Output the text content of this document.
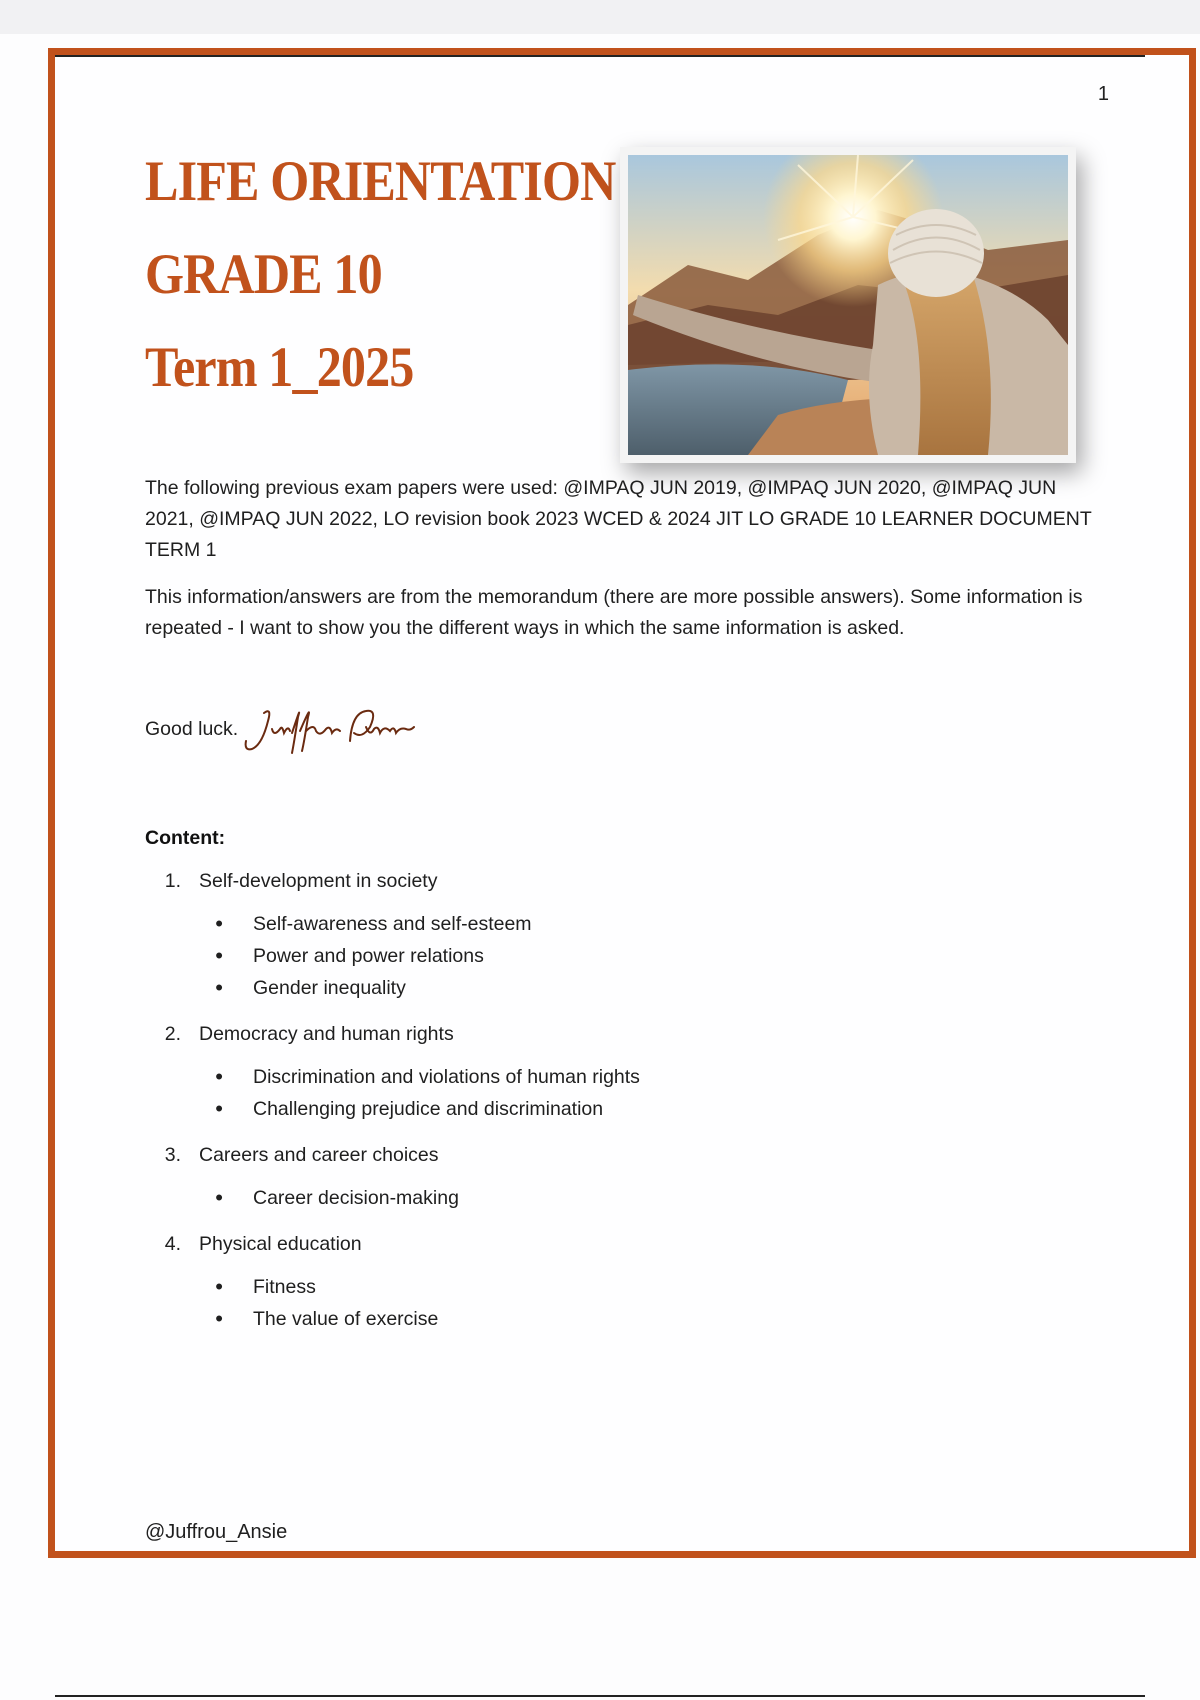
1
LIFE ORIENTATION
GRADE 10
Term 1_2025

The following previous exam papers were used: @IMPAQ JUN 2019, @IMPAQ JUN 2020, @IMPAQ JUN 2021, @IMPAQ JUN 2022, LO revision book 2023 WCED & 2024 JIT LO GRADE 10 LEARNER DOCUMENT TERM 1

This information/answers are from the memorandum (there are more possible answers). Some information is repeated - I want to show you the different ways in which the same information is asked.

Good luck.
Content:
1. Self-development in society
•	Self-awareness and self-esteem
•	Power and power relations
•	Gender inequality
2. Democracy and human rights
•	Discrimination and violations of human rights
•	Challenging prejudice and discrimination
3. Careers and career choices
•	Career decision-making
4. Physical education
•	Fitness
•	The value of exercise
@Juffrou_Ansie
